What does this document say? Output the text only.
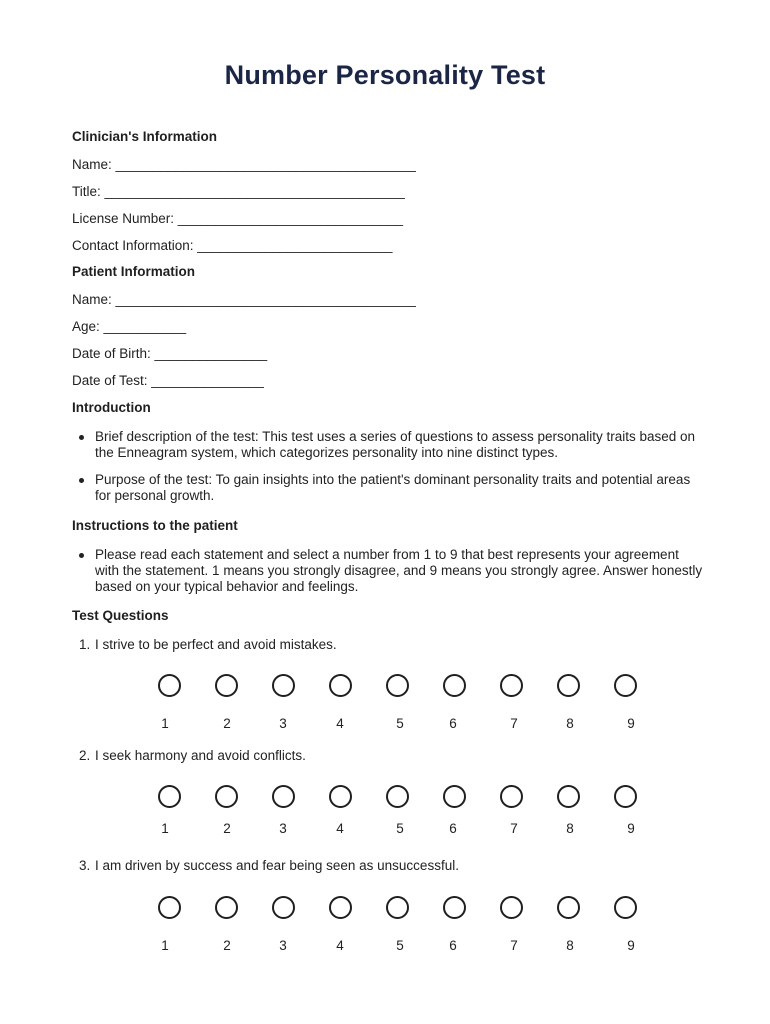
Number Personality Test
Clinician's Information
Name: ________________________________________
Title: ________________________________________
License Number: ______________________________
Contact Information: __________________________
Patient Information
Name: ________________________________________
Age: ___________
Date of Birth: _______________
Date of Test: _______________
Introduction
Brief description of the test: This test uses a series of questions to assess personality traits based on the Enneagram system, which categorizes personality into nine distinct types.
Purpose of the test: To gain insights into the patient's dominant personality traits and potential areas for personal growth.
Instructions to the patient
Please read each statement and select a number from 1 to 9 that best represents your agreement with the statement. 1 means you strongly disagree, and 9 means you strongly agree. Answer honestly based on your typical behavior and feelings.
Test Questions
1. I strive to be perfect and avoid mistakes.
1	2	3	4	5	6	7	8	9
2. I seek harmony and avoid conflicts.
1	2	3	4	5	6	7	8	9
3. I am driven by success and fear being seen as unsuccessful.
1	2	3	4	5	6	7	8	9
